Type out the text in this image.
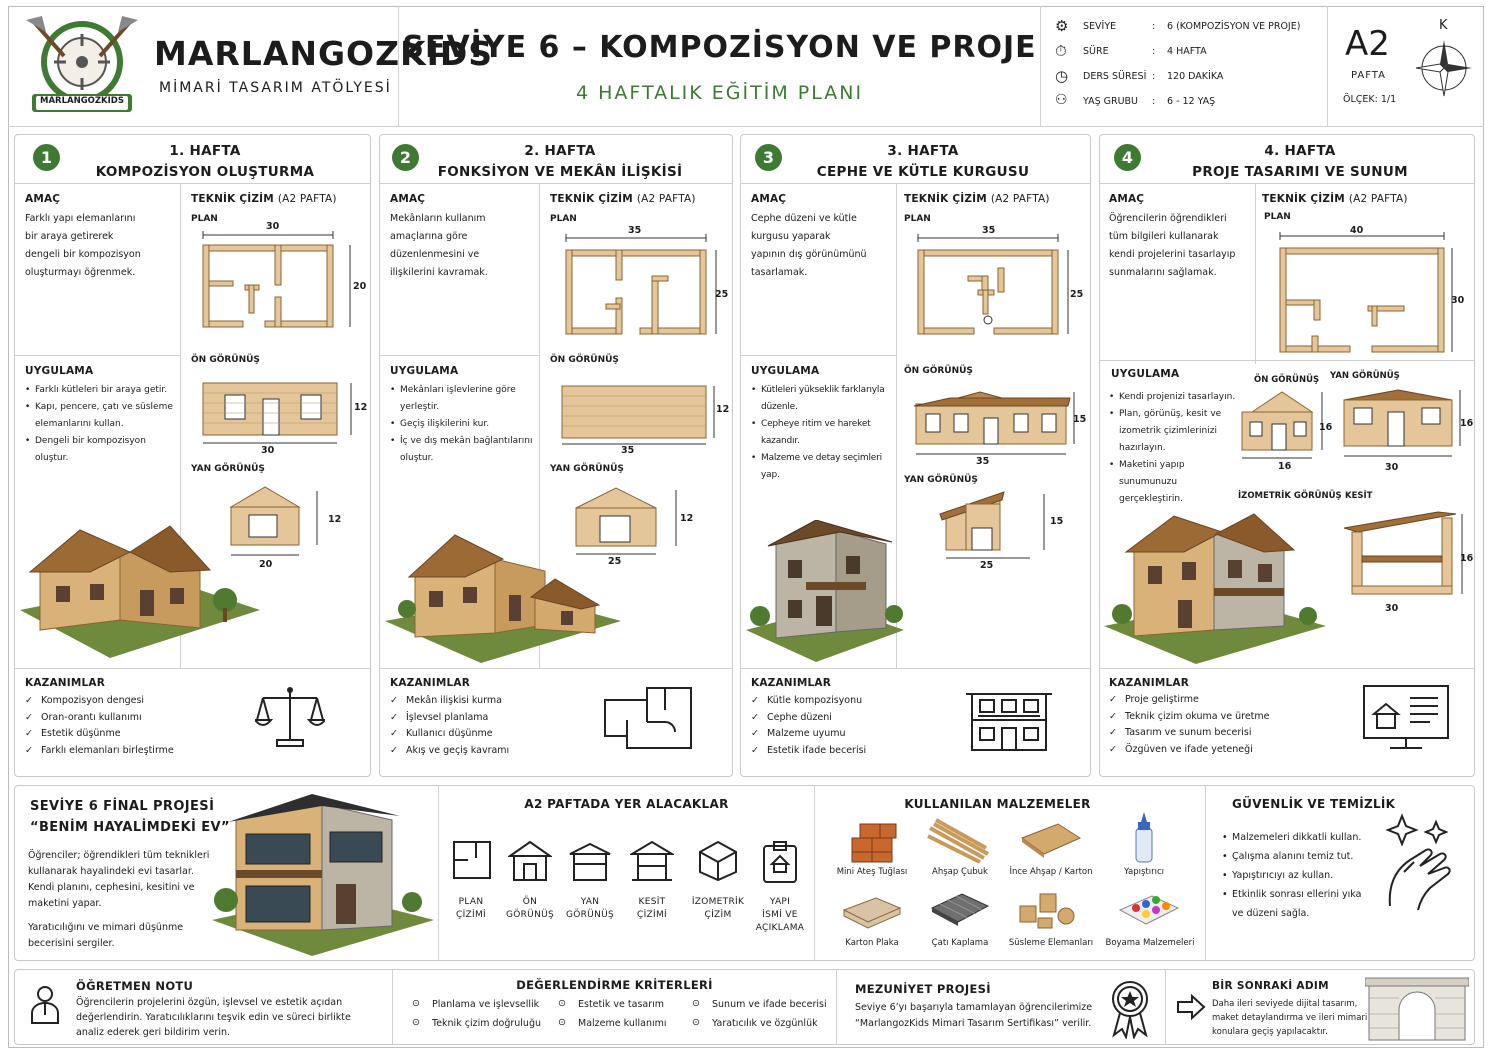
MARLANGOZKIDS
MARLANGOZKIDS
MİMARİ TASARIM ATÖLYESİ
SEVİYE 6 – KOMPOZİSYON VE PROJE
4 HAFTALIK EĞİTİM PLANI
⚙ SEVİYE	: 6 (KOMPOZİSYON VE PROJE)
⏱ SÜRE	: 4 HAFTA
◷ DERS SÜRESİ : 120 DAKİKA
⚇ YAŞ GRUBU : 6 - 12 YAŞ
A2
PAFTA
ÖLÇEK: 1/1
K
1	1. HAFTA
KOMPOZİSYON OLUŞTURMA
AMAÇ
Farklı yapı elemanlarını
bir araya getirerek
dengeli bir kompozisyon
oluşturmayı öğrenmek.
UYGULAMA
• Farklı kütleleri bir araya getir.
• Kapı, pencere, çatı ve süsleme elemanlarını kullan.
• Dengeli bir kompozisyon oluştur.
TEKNİK ÇİZİM (A2 PAFTA)
PLAN
ÖN GÖRÜNÜŞ
YAN GÖRÜNÜŞ
30
20
30
12
20
12
KAZANIMLAR
✓ Kompozisyon dengesi
✓ Oran-orantı kullanımı
✓ Estetik düşünme
✓ Farklı elemanları birleştirme
2	2. HAFTA
FONKSİYON VE MEKÂN İLİŞKİSİ
AMAÇ
Mekânların kullanım
amaçlarına göre
düzenlenmesini ve
ilişkilerini kavramak.
UYGULAMA
• Mekânları işlevlerine göre yerleştir.
• Geçiş ilişkilerini kur.
• İç ve dış mekân bağlantılarını oluştur.
TEKNİK ÇİZİM (A2 PAFTA)
PLAN
ÖN GÖRÜNÜŞ
YAN GÖRÜNÜŞ
35
25
35
12
25
12
KAZANIMLAR
✓ Mekân ilişkisi kurma
✓ İşlevsel planlama
✓ Kullanıcı düşünme
✓ Akış ve geçiş kavramı
3	3. HAFTA
CEPHE VE KÜTLE KURGUSU
AMAÇ
Cephe düzeni ve kütle
kurgusu yaparak
yapının dış görünümünü
tasarlamak.
UYGULAMA
• Kütleleri yükseklik farklarıyla düzenle.
• Cepheye ritim ve hareket kazandır.
• Malzeme ve detay seçimleri yap.
TEKNİK ÇİZİM (A2 PAFTA)
PLAN
ÖN GÖRÜNÜŞ
YAN GÖRÜNÜŞ
35
25
35
15
25
15
KAZANIMLAR
✓ Kütle kompozisyonu
✓ Cephe düzeni
✓ Malzeme uyumu
✓ Estetik ifade becerisi
4	4. HAFTA
PROJE TASARIMI VE SUNUM
AMAÇ
Öğrencilerin öğrendikleri
tüm bilgileri kullanarak
kendi projelerini tasarlayıp
sunmalarını sağlamak.
UYGULAMA
• Kendi projenizi tasarlayın.
• Plan, görünüş, kesit ve izometrik çizimlerinizi hazırlayın.
• Maketini yapıp sunumunuzu gerçekleştirin.
TEKNİK ÇİZİM (A2 PAFTA)
PLAN
ÖN GÖRÜNÜŞ YAN GÖRÜNÜŞ
İZOMETRİK GÖRÜNÜŞ KESİT
40
30
16
16
30
16
30
16
KAZANIMLAR
✓ Proje geliştirme
✓ Teknik çizim okuma ve üretme
✓ Tasarım ve sunum becerisi
✓ Özgüven ve ifade yeteneği
SEVİYE 6 FİNAL PROJESİ
“BENİM HAYALİMDEKİ EV”
Öğrenciler; öğrendikleri tüm teknikleri
kullanarak hayalindeki evi tasarlar.
Kendi planını, cephesini, kesitini ve
maketini yapar.
Yaratıcılığını ve mimari düşünme
becerisini sergiler.
A2 PAFTADA YER ALACAKLAR
PLAN
ÇİZİMİ
ÖN
GÖRÜNÜŞ
YAN
GÖRÜNÜŞ
KESİT
ÇİZİMİ
İZOMETRİK
ÇİZİM
YAPI
İSMİ VE
AÇIKLAMA
KULLANILAN MALZEMELER
Mini Ateş Tuğlası	Ahşap Çubuk	İnce Ahşap / Karton	Yapıştırıcı
Karton Plaka	Çatı Kaplama	Süsleme Elemanları	Boyama Malzemeleri
GÜVENLİK VE TEMİZLİK
• Malzemeleri dikkatli kullan.
• Çalışma alanını temiz tut.
• Yapıştırıcıyı az kullan.
• Etkinlik sonrası ellerini yıka ve düzeni sağla.
ÖĞRETMEN NOTU
Öğrencilerin projelerini özgün, işlevsel ve estetik açıdan
değerlendirin. Yaratıcılıklarını teşvik edin ve süreci birlikte
analiz ederek geri bildirim verin.
DEĞERLENDİRME KRİTERLERİ
⊙ Planlama ve işlevsellik ⊙ Estetik ve tasarım	⊙ Sunum ve ifade becerisi
⊙ Teknik çizim doğruluğu ⊙ Malzeme kullanımı	⊙ Yaratıcılık ve özgünlük
MEZUNİYET PROJESİ
Seviye 6’yı başarıyla tamamlayan öğrencilerimize
“MarlangozKids Mimari Tasarım Sertifikası” verilir.
BİR SONRAKİ ADIM
Daha ileri seviyede dijital tasarım,
maket detaylandırma ve ileri mimari
konulara geçiş yapılacaktır.
